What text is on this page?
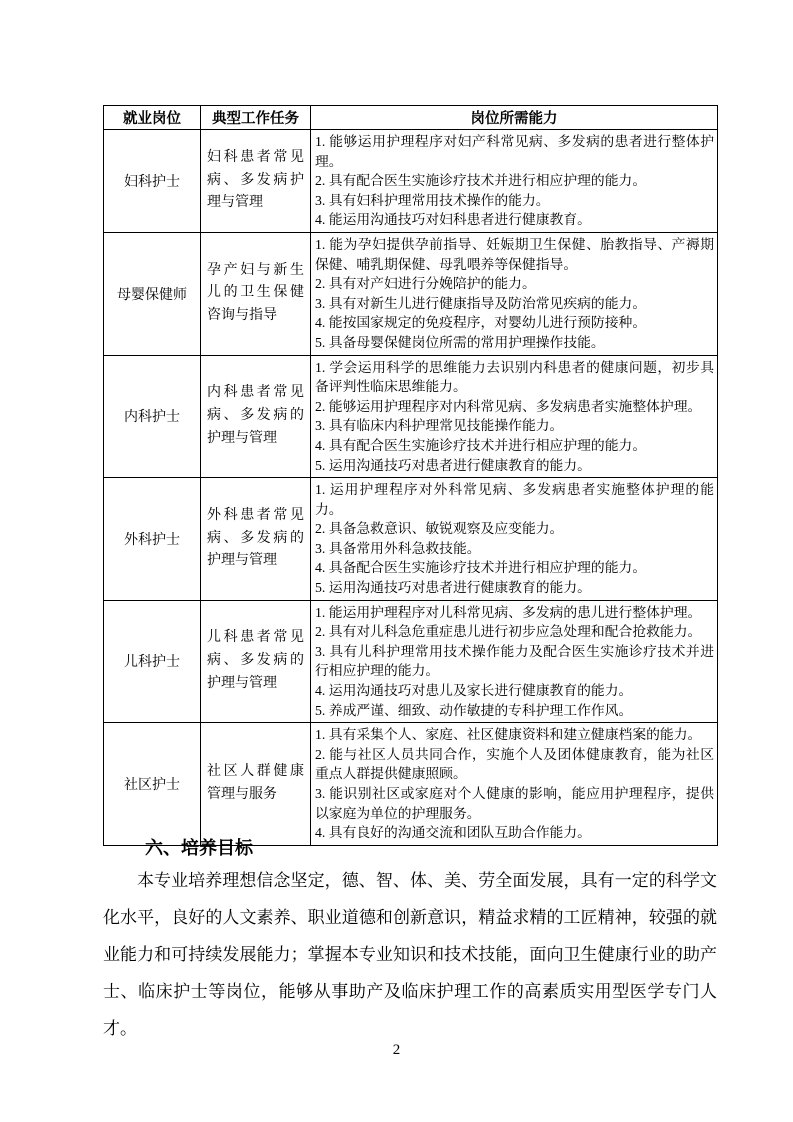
就业岗位	典型工作任务	岗位所需能力
妇科护士	妇科患者常见病、多发病护理与管理	1. 能够运用护理程序对妇产科常见病、多发病的患者进行整体护理。
2. 具有配合医生实施诊疗技术并进行相应护理的能力。
3. 具有妇科护理常用技术操作的能力。
4. 能运用沟通技巧对妇科患者进行健康教育。

母婴保健师	孕产妇与新生儿的卫生保健咨询与指导	1. 能为孕妇提供孕前指导、妊娠期卫生保健、胎教指导、产褥期保健、哺乳期保健、母乳喂养等保健指导。
2. 具有对产妇进行分娩陪护的能力。
3. 具有对新生儿进行健康指导及防治常见疾病的能力。
4. 能按国家规定的免疫程序，对婴幼儿进行预防接种。
5. 具备母婴保健岗位所需的常用护理操作技能。

内科护士	内科患者常见病、多发病的护理与管理	1. 学会运用科学的思维能力去识别内科患者的健康问题，初步具备评判性临床思维能力。
2. 能够运用护理程序对内科常见病、多发病患者实施整体护理。
3. 具有临床内科护理常见技能操作能力。
4. 具有配合医生实施诊疗技术并进行相应护理的能力。
5. 运用沟通技巧对患者进行健康教育的能力。

外科护士	外科患者常见病、多发病的护理与管理	1. 运用护理程序对外科常见病、多发病患者实施整体护理的能力。
2. 具备急救意识、敏锐观察及应变能力。
3. 具备常用外科急救技能。
4. 具备配合医生实施诊疗技术并进行相应护理的能力。
5. 运用沟通技巧对患者进行健康教育的能力。

儿科护士	儿科患者常见病、多发病的护理与管理	1. 能运用护理程序对儿科常见病、多发病的患儿进行整体护理。
2. 具有对儿科急危重症患儿进行初步应急处理和配合抢救能力。
3. 具有儿科护理常用技术操作能力及配合医生实施诊疗技术并进行相应护理的能力。
4. 运用沟通技巧对患儿及家长进行健康教育的能力。
5. 养成严谨、细致、动作敏捷的专科护理工作作风。

社区护士	社区人群健康管理与服务	1. 具有采集个人、家庭、社区健康资料和建立健康档案的能力。
2. 能与社区人员共同合作，实施个人及团体健康教育，能为社区重点人群提供健康照顾。
3. 能识别社区或家庭对个人健康的影响，能应用护理程序，提供以家庭为单位的护理服务。
4. 具有良好的沟通交流和团队互助合作能力。
六、培养目标
本专业培养理想信念坚定，德、智、体、美、劳全面发展，具有一定的科学文化水平，良好的人文素养、职业道德和创新意识，精益求精的工匠精神，较强的就业能力和可持续发展能力；掌握本专业知识和技术技能，面向卫生健康行业的助产士、临床护士等岗位，能够从事助产及临床护理工作的高素质实用型医学专门人才。
2
